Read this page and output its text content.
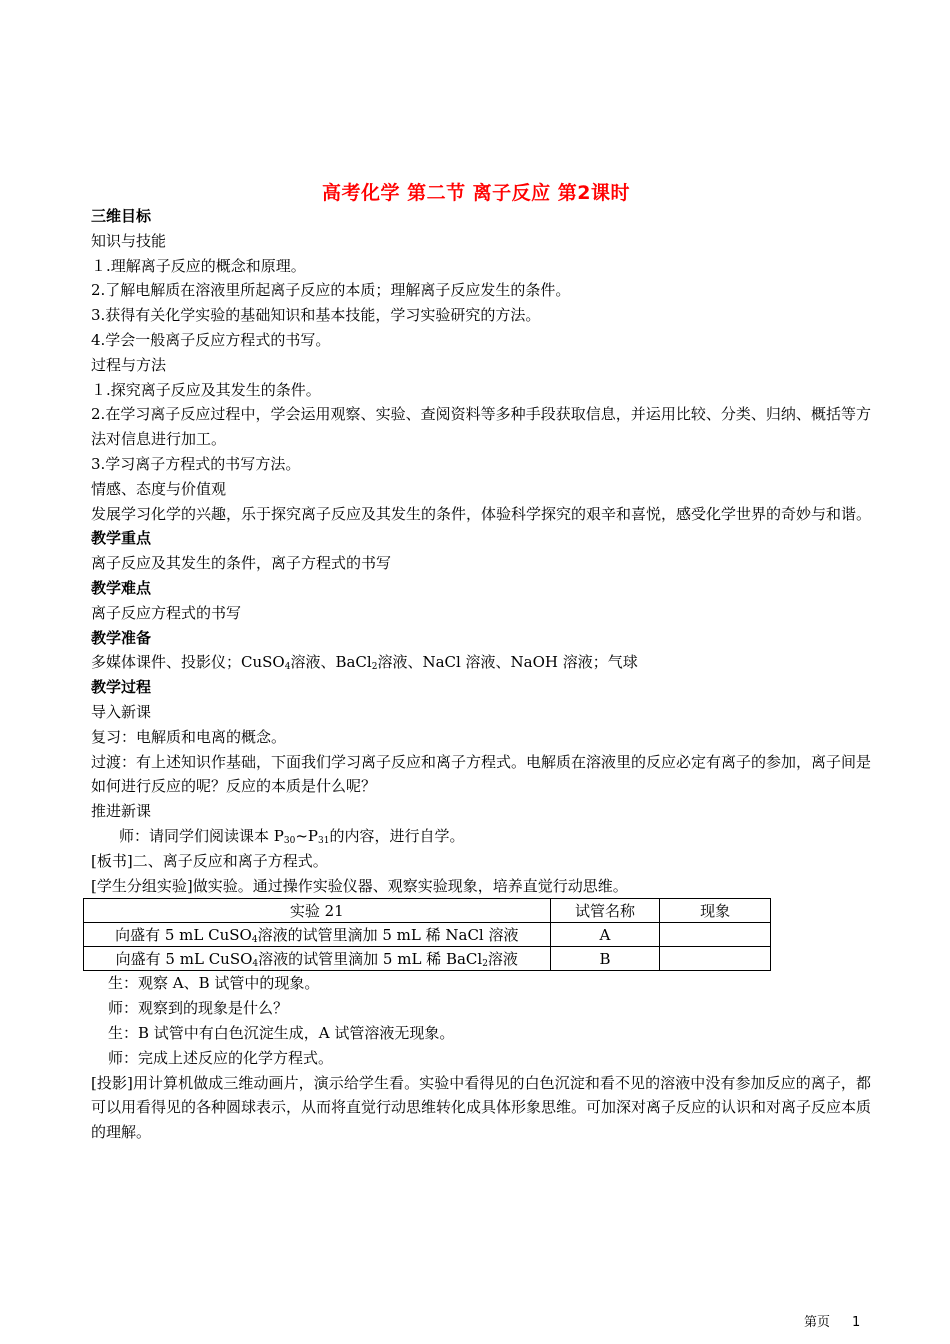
高考化学 第二节 离子反应 第2课时
三维目标
知识与技能
１.理解离子反应的概念和原理。
2.了解电解质在溶液里所起离子反应的本质；理解离子反应发生的条件。
3.获得有关化学实验的基础知识和基本技能，学习实验研究的方法。
4.学会一般离子反应方程式的书写。
过程与方法
１.探究离子反应及其发生的条件。
2.在学习离子反应过程中，学会运用观察、实验、查阅资料等多种手段获取信息，并运用比较、分类、归纳、概括等方法对信息进行加工。
3.学习离子方程式的书写方法。
情感、态度与价值观
发展学习化学的兴趣，乐于探究离子反应及其发生的条件，体验科学探究的艰辛和喜悦，感受化学世界的奇妙与和谐。
教学重点
离子反应及其发生的条件，离子方程式的书写
教学难点
离子反应方程式的书写
教学准备
多媒体课件、投影仪；CuSO$_4$溶液、BaCl$_2$溶液、NaCl 溶液、NaOH 溶液；气球
教学过程
导入新课
复习：电解质和电离的概念。
过渡：有上述知识作基础，下面我们学习离子反应和离子方程式。电解质在溶液里的反应必定有离子的参加，离子间是如何进行反应的呢？反应的本质是什么呢？
推进新课
师：请同学们阅读课本 $P_{30}\sim P_{31}$的内容，进行自学。
[板书]二、离子反应和离子方程式。
[学生分组实验]做实验。通过操作实验仪器、观察实验现象，培养直觉行动思维。
实验 21	试管名称	现象
向盛有 5 mL CuSO$_4$溶液的试管里滴加 5 mL 稀 NaCl 溶液	A	
向盛有 5 mL CuSO$_4$溶液的试管里滴加 5 mL 稀 BaCl$_2$溶液	B	
生：观察 A、B 试管中的现象。
师：观察到的现象是什么？
生：B 试管中有白色沉淀生成，A 试管溶液无现象。
师：完成上述反应的化学方程式。
[投影]用计算机做成三维动画片，演示给学生看。实验中看得见的白色沉淀和看不见的溶液中没有参加反应的离子，都可以用看得见的各种圆球表示，从而将直觉行动思维转化成具体形象思维。可加深对离子反应的认识和对离子反应本质的理解。
第页 1
